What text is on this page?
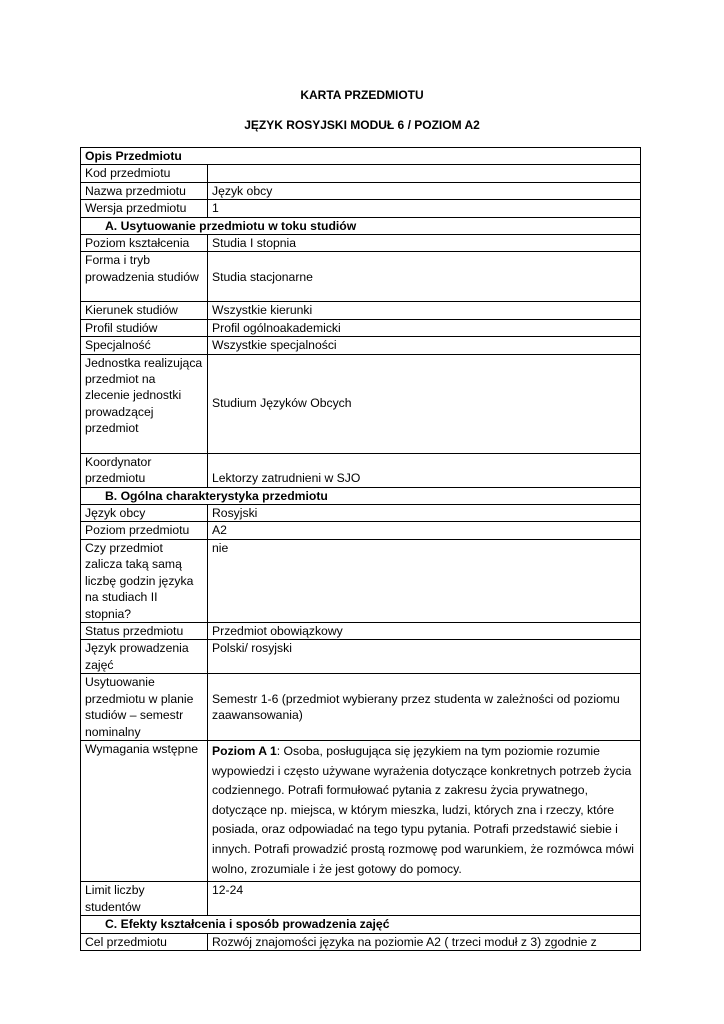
KARTA PRZEDMIOTU
JĘZYK ROSYJSKI MODUŁ 6 / POZIOM A2
Opis Przedmiotu	
Kod przedmiotu	
Nazwa przedmiotu	Język obcy
Wersja przedmiotu	1
A. Usytuowanie przedmiotu w toku studiów	
Poziom kształcenia	Studia I stopnia
Forma i tryb prowadzenia studiów	Studia stacjonarne
Kierunek studiów	Wszystkie kierunki
Profil studiów	Profil ogólnoakademicki
Specjalność	Wszystkie specjalności
Jednostka realizująca przedmiot na zlecenie jednostki prowadzącej przedmiot	Studium Języków Obcych
Koordynator przedmiotu	Lektorzy zatrudnieni w SJO
B. Ogólna charakterystyka przedmiotu	
Język obcy	Rosyjski
Poziom przedmiotu	A2
Czy przedmiot zalicza taką samą liczbę godzin języka na studiach II stopnia?	nie
Status przedmiotu	Przedmiot obowiązkowy
Język prowadzenia zajęć	Polski/ rosyjski
Usytuowanie przedmiotu w planie studiów – semestr nominalny	Semestr 1-6 (przedmiot wybierany przez studenta w zależności od poziomu zaawansowania)
Wymagania wstępne	Poziom A 1: Osoba, posługująca się językiem na tym poziomie rozumie wypowiedzi i często używane wyrażenia dotyczące konkretnych potrzeb życia codziennego. Potrafi formułować pytania z zakresu życia prywatnego, dotyczące np. miejsca, w którym mieszka, ludzi, których zna i rzeczy, które posiada, oraz odpowiadać na tego typu pytania. Potrafi przedstawić siebie i innych. Potrafi prowadzić prostą rozmowę pod warunkiem, że rozmówca mówi wolno, zrozumiale i że jest gotowy do pomocy.
Limit liczby studentów	12-24
C. Efekty kształcenia i sposób prowadzenia zajęć	
Cel przedmiotu	Rozwój znajomości języka na poziomie A2 ( trzeci moduł z 3) zgodnie z
